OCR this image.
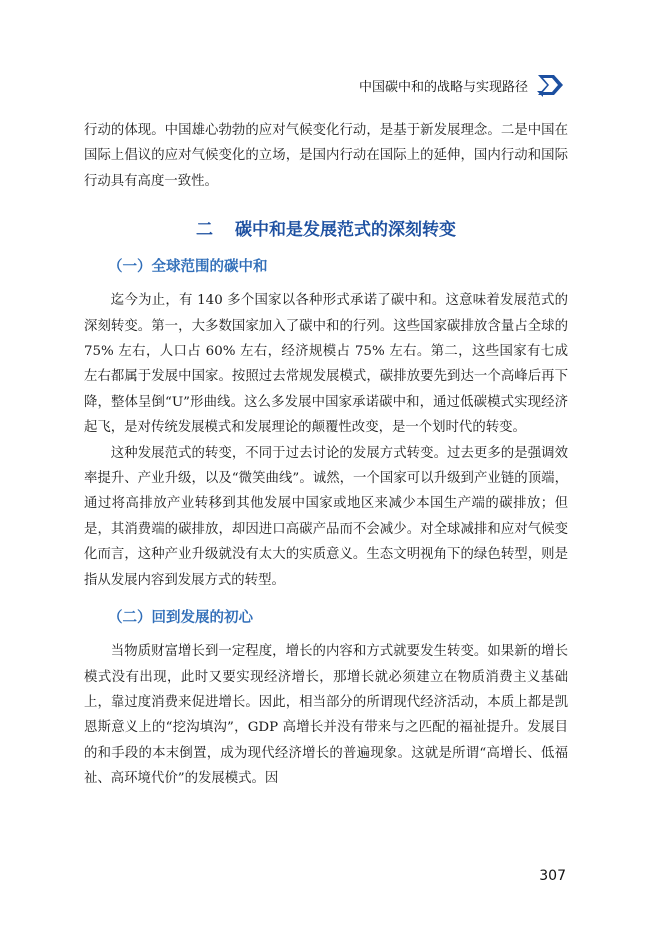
中国碳中和的战略与实现路径

行动的体现。中国雄心勃勃的应对气候变化行动，是基于新发展理念。二是中国在国际上倡议的应对气候变化的立场，是国内行动在国际上的延伸，国内行动和国际行动具有高度一致性。

二 碳中和是发展范式的深刻转变
（一）全球范围的碳中和

迄今为止，有 140 多个国家以各种形式承诺了碳中和。这意味着发展范式的深刻转变。第一，大多数国家加入了碳中和的行列。这些国家碳排放含量占全球的 75% 左右，人口占 60% 左右，经济规模占 75% 左右。第二，这些国家有七成左右都属于发展中国家。按照过去常规发展模式，碳排放要先到达一个高峰后再下降，整体呈倒“U”形曲线。这么多发展中国家承诺碳中和，通过低碳模式实现经济起飞，是对传统发展模式和发展理论的颠覆性改变，是一个划时代的转变。

这种发展范式的转变，不同于过去讨论的发展方式转变。过去更多的是强调效率提升、产业升级，以及“微笑曲线”。诚然，一个国家可以升级到产业链的顶端，通过将高排放产业转移到其他发展中国家或地区来减少本国生产端的碳排放；但是，其消费端的碳排放，却因进口高碳产品而不会减少。对全球减排和应对气候变化而言，这种产业升级就没有太大的实质意义。生态文明视角下的绿色转型，则是指从发展内容到发展方式的转型。

（二）回到发展的初心

当物质财富增长到一定程度，增长的内容和方式就要发生转变。如果新的增长模式没有出现，此时又要实现经济增长，那增长就必须建立在物质消费主义基础上，靠过度消费来促进增长。因此，相当部分的所谓现代经济活动，本质上都是凯恩斯意义上的“挖沟填沟”，GDP 高增长并没有带来与之匹配的福祉提升。发展目的和手段的本末倒置，成为现代经济增长的普遍现象。这就是所谓“高增长、低福祉、高环境代价”的发展模式。因

307
